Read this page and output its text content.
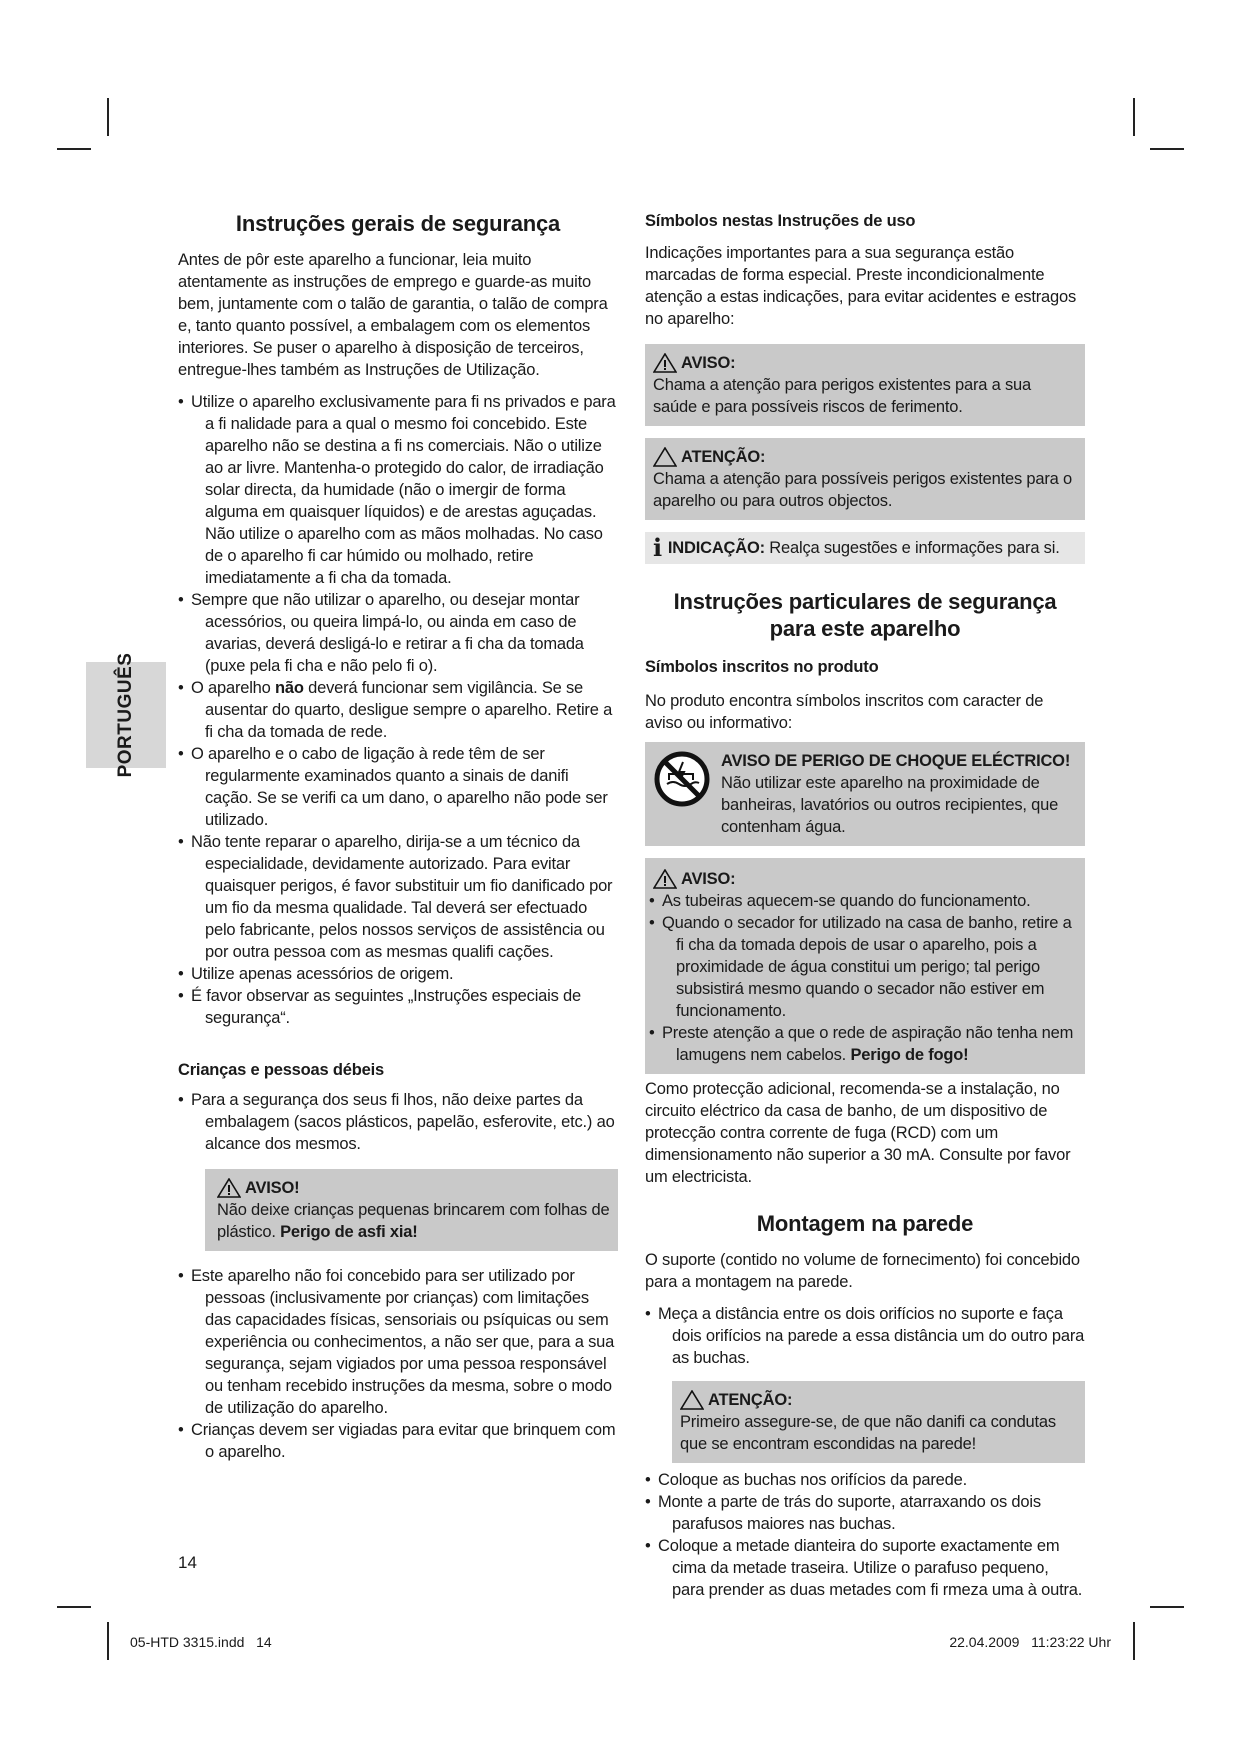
PORTUGUÊS
Instruções gerais de segurança

Antes de pôr este aparelho a funcionar, leia muito atentamente as instruções de emprego e guarde-as muito bem, juntamente com o talão de garantia, o talão de compra e, tanto quanto possível, a embalagem com os elementos interiores. Se puser o aparelho à disposição de terceiros, entregue-lhes também as Instruções de Utilização.

• Utilize o aparelho exclusivamente para fi ns privados e para a fi nalidade para a qual o mesmo foi concebido. Este aparelho não se destina a fi ns comerciais. Não o utilize ao ar livre. Mantenha-o protegido do calor, de irradiação solar directa, da humidade (não o imergir de forma alguma em quaisquer líquidos) e de arestas aguçadas. Não utilize o aparelho com as mãos molhadas. No caso de o aparelho fi car húmido ou molhado, retire imediatamente a fi cha da tomada.
• Sempre que não utilizar o aparelho, ou desejar montar acessórios, ou queira limpá-lo, ou ainda em caso de avarias, deverá desligá-lo e retirar a fi cha da tomada (puxe pela fi cha e não pelo fi o).
• O aparelho não deverá funcionar sem vigilância. Se se ausentar do quarto, desligue sempre o aparelho. Retire a fi cha da tomada de rede.
• O aparelho e o cabo de ligação à rede têm de ser regularmente examinados quanto a sinais de danifi cação. Se se verifi ca um dano, o aparelho não pode ser utilizado.
• Não tente reparar o aparelho, dirija-se a um técnico da especialidade, devidamente autorizado. Para evitar quaisquer perigos, é favor substituir um fio danificado por um fio da mesma qualidade. Tal deverá ser efectuado pelo fabricante, pelos nossos serviços de assistência ou por outra pessoa com as mesmas qualifi cações.
• Utilize apenas acessórios de origem.
• É favor observar as seguintes „Instruções especiais de segurança“.
Crianças e pessoas débeis
• Para a segurança dos seus fi lhos, não deixe partes da embalagem (sacos plásticos, papelão, esferovite, etc.) ao alcance dos mesmos.
AVISO!
Não deixe crianças pequenas brincarem com folhas de plástico. Perigo de asfi xia!
• Este aparelho não foi concebido para ser utilizado por pessoas (inclusivamente por crianças) com limitações das capacidades físicas, sensoriais ou psíquicas ou sem experiência ou conhecimentos, a não ser que, para a sua segurança, sejam vigiados por uma pessoa responsável ou tenham recebido instruções da mesma, sobre o modo de utilização do aparelho.
• Crianças devem ser vigiadas para evitar que brinquem com o aparelho.
Símbolos nestas Instruções de uso

Indicações importantes para a sua segurança estão marcadas de forma especial. Preste incondicionalmente atenção a estas indicações, para evitar acidentes e estragos no aparelho:

AVISO:
Chama a atenção para perigos existentes para a sua saúde e para possíveis riscos de ferimento.
ATENÇÃO:
Chama a atenção para possíveis perigos existentes para o aparelho ou para outros objectos.
i INDICAÇÃO: Realça sugestões e informações para si.
Instruções particulares de segurança
para este aparelho
Símbolos inscritos no produto

No produto encontra símbolos inscritos com caracter de aviso ou informativo:

AVISO DE PERIGO DE CHOQUE ELÉCTRICO!
Não utilizar este aparelho na proximidade de banheiras, lavatórios ou outros recipientes, que contenham água.
AVISO:
• As tubeiras aquecem-se quando do funcionamento.
• Quando o secador for utilizado na casa de banho, retire a fi cha da tomada depois de usar o aparelho, pois a proximidade de água constitui um perigo; tal perigo subsistirá mesmo quando o secador não estiver em funcionamento.
• Preste atenção a que o rede de aspiração não tenha nem lamugens nem cabelos. Perigo de fogo!

Como protecção adicional, recomenda-se a instalação, no circuito eléctrico da casa de banho, de um dispositivo de protecção contra corrente de fuga (RCD) com um dimensionamento não superior a 30 mA. Consulte por favor um electricista.

Montagem na parede

O suporte (contido no volume de fornecimento) foi concebido para a montagem na parede.

• Meça a distância entre os dois orifícios no suporte e faça dois orifícios na parede a essa distância um do outro para as buchas.
ATENÇÃO:
Primeiro assegure-se, de que não danifi ca condutas que se encontram escondidas na parede!
• Coloque as buchas nos orifícios da parede.
• Monte a parte de trás do suporte, atarraxando os dois parafusos maiores nas buchas.
• Coloque a metade dianteira do suporte exactamente em cima da metade traseira. Utilize o parafuso pequeno, para prender as duas metades com fi rmeza uma à outra.
14
05-HTD 3315.indd   14	22.04.2009   11:23:22 Uhr
